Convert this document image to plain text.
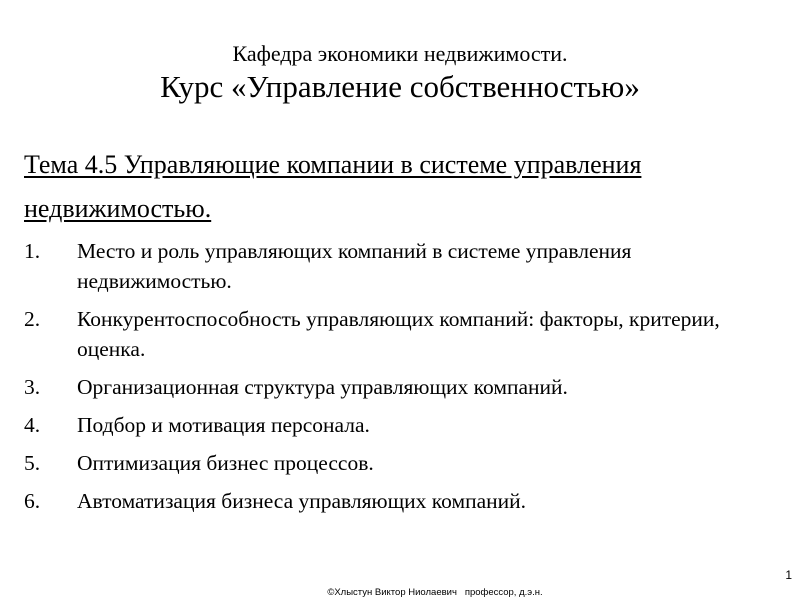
Кафедра экономики недвижимости.
Курс «Управление собственностью»
Тема 4.5 Управляющие компании в системе управления недвижимостью.
1.	Место и роль управляющих компаний в системе управления недвижимостью.
2.	Конкурентоспособность управляющих компаний: факторы, критерии, оценка.
3.	Организационная структура управляющих компаний.
4.	Подбор и мотивация персонала.
5.	Оптимизация бизнес процессов.
6.	Автоматизация бизнеса управляющих компаний.
1
©Хлыстун Виктор Ниолаевич   профессор, д.э.н.
